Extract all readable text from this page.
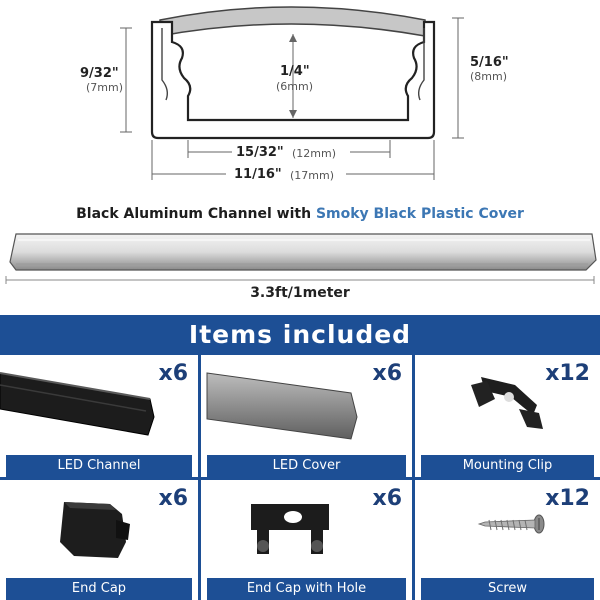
9/32"
(7mm)
1/4"
(6mm)
5/16"
(8mm)
15/32" (12mm)
11/16" (17mm)
Black Aluminum Channel with Smoky Black Plastic Cover
3.3ft/1meter
Items included
x6
LED Channel
x6
LED Cover
x12
Mounting Clip
x6
End Cap
x6
End Cap with Hole
x12
Screw
